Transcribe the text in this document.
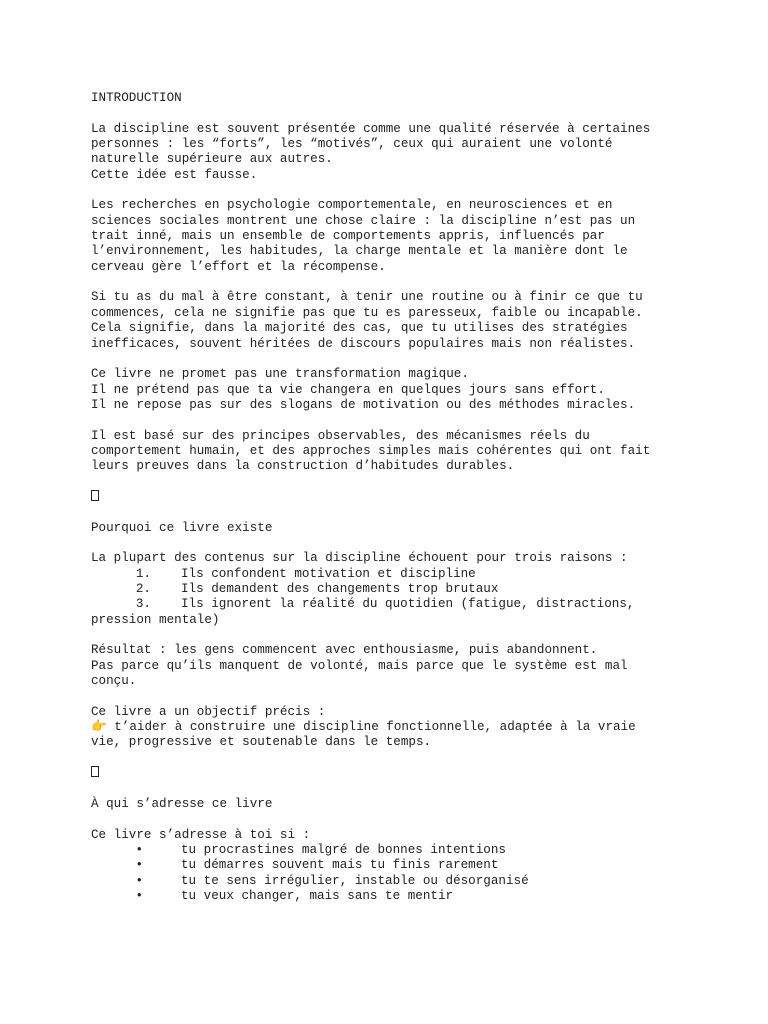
INTRODUCTION
La discipline est souvent présentée comme une qualité réservée à certaines
personnes : les “forts”, les “motivés”, ceux qui auraient une volonté
naturelle supérieure aux autres.
Cette idée est fausse.
Les recherches en psychologie comportementale, en neurosciences et en
sciences sociales montrent une chose claire : la discipline n’est pas un
trait inné, mais un ensemble de comportements appris, influencés par
l’environnement, les habitudes, la charge mentale et la manière dont le
cerveau gère l’effort et la récompense.
Si tu as du mal à être constant, à tenir une routine ou à finir ce que tu
commences, cela ne signifie pas que tu es paresseux, faible ou incapable.
Cela signifie, dans la majorité des cas, que tu utilises des stratégies
inefficaces, souvent héritées de discours populaires mais non réalistes.
Ce livre ne promet pas une transformation magique.
Il ne prétend pas que ta vie changera en quelques jours sans effort.
Il ne repose pas sur des slogans de motivation ou des méthodes miracles.
Il est basé sur des principes observables, des mécanismes réels du
comportement humain, et des approches simples mais cohérentes qui ont fait
leurs preuves dans la construction d’habitudes durables.
Pourquoi ce livre existe
La plupart des contenus sur la discipline échouent pour trois raisons :
1. Ils confondent motivation et discipline
2. Ils demandent des changements trop brutaux
3. Ils ignorent la réalité du quotidien (fatigue, distractions,
pression mentale)
Résultat : les gens commencent avec enthousiasme, puis abandonnent.
Pas parce qu’ils manquent de volonté, mais parce que le système est mal
conçu.
Ce livre a un objectif précis :
👉 t’aider à construire une discipline fonctionnelle, adaptée à la vraie
vie, progressive et soutenable dans le temps.
À qui s’adresse ce livre
Ce livre s’adresse à toi si :
•	tu procrastines malgré de bonnes intentions
•	tu démarres souvent mais tu finis rarement
•	tu te sens irrégulier, instable ou désorganisé
•	tu veux changer, mais sans te mentir
